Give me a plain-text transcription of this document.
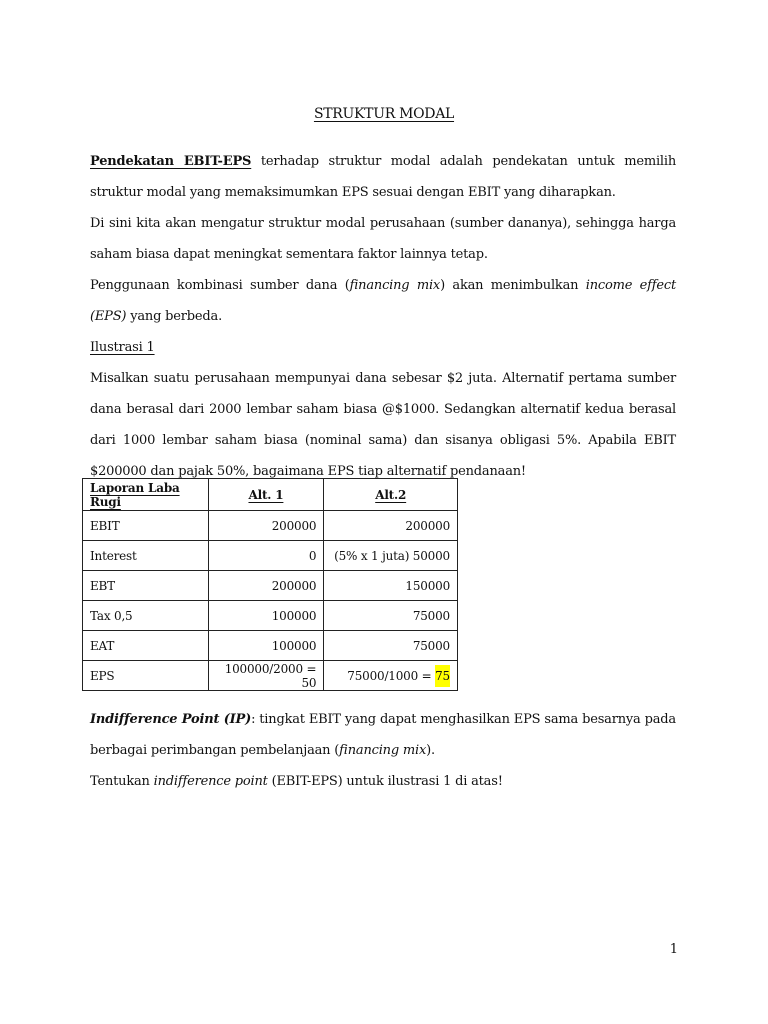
STRUKTUR MODAL

Pendekatan EBIT-EPS terhadap struktur modal adalah pendekatan untuk memilih struktur modal yang memaksimumkan EPS sesuai dengan EBIT yang diharapkan.

Di sini kita akan mengatur struktur modal perusahaan (sumber dananya), sehingga harga saham biasa dapat meningkat sementara faktor lainnya tetap.

Penggunaan kombinasi sumber dana (financing mix) akan menimbulkan income effect (EPS) yang berbeda.

Ilustrasi 1

Misalkan suatu perusahaan mempunyai dana sebesar $2 juta. Alternatif pertama sumber dana berasal dari 2000 lembar saham biasa @$1000. Sedangkan alternatif kedua berasal dari 1000 lembar saham biasa (nominal sama) dan sisanya obligasi 5%. Apabila EBIT $200000 dan pajak 50%, bagaimana EPS tiap alternatif pendanaan!

Laporan Laba Rugi	Alt. 1	Alt.2
EBIT	200000	200000
Interest	0	(5% x 1 juta) 50000
EBT	200000	150000
Tax 0,5	100000	75000
EAT	100000	75000
EPS	100000/2000 = 50	75000/1000 = 75

Indifference Point (IP): tingkat EBIT yang dapat menghasilkan EPS sama besarnya pada berbagai perimbangan pembelanjaan (financing mix).

Tentukan indifference point (EBIT-EPS) untuk ilustrasi 1 di atas!

1
